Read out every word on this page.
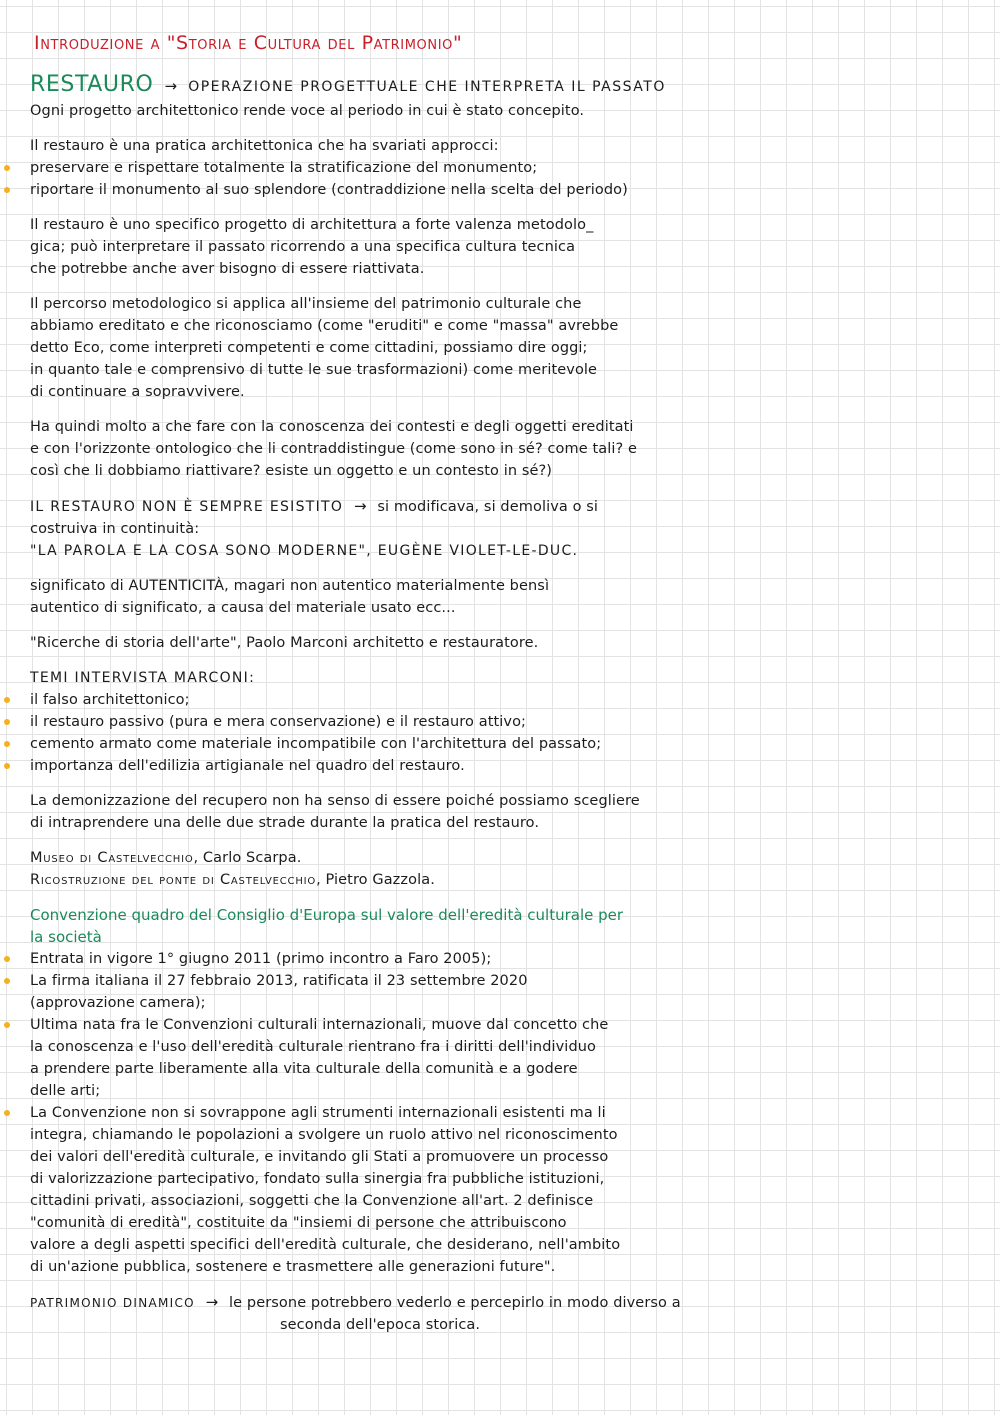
Introduzione a "Storia e Cultura del Patrimonio"
RESTAURO → OPERAZIONE PROGETTUALE CHE INTERPRETA IL PASSATO
Ogni progetto architettonico rende voce al periodo in cui è stato concepito.
Il restauro è una pratica architettonica che ha svariati approcci:
preservare e rispettare totalmente la stratificazione del monumento;
riportare il monumento al suo splendore (contraddizione nella scelta del periodo)
Il restauro è uno specifico progetto di architettura a forte valenza metodolo_
gica; può interpretare il passato ricorrendo a una specifica cultura tecnica
che potrebbe anche aver bisogno di essere riattivata.
Il percorso metodologico si applica all'insieme del patrimonio culturale che
abbiamo ereditato e che riconosciamo (come "eruditi" e come "massa" avrebbe
detto Eco, come interpreti competenti e come cittadini, possiamo dire oggi;
in quanto tale e comprensivo di tutte le sue trasformazioni) come meritevole
di continuare a sopravvivere.
Ha quindi molto a che fare con la conoscenza dei contesti e degli oggetti ereditati
e con l'orizzonte ontologico che li contraddistingue (come sono in sé? come tali? e
così che li dobbiamo riattivare? esiste un oggetto e un contesto in sé?)
IL RESTAURO NON È SEMPRE ESISTITO → si modificava, si demoliva o si
costruiva in continuità:
"LA PAROLA E LA COSA SONO MODERNE", EUGÈNE VIOLET-LE-DUC.
significato di AUTENTICITÀ, magari non autentico materialmente bensì
autentico di significato, a causa del materiale usato ecc...
"Ricerche di storia dell'arte", Paolo Marconi architetto e restauratore.
TEMI INTERVISTA MARCONI:
il falso architettonico;
il restauro passivo (pura e mera conservazione) e il restauro attivo;
cemento armato come materiale incompatibile con l'architettura del passato;
importanza dell'edilizia artigianale nel quadro del restauro.
La demonizzazione del recupero non ha senso di essere poiché possiamo scegliere
di intraprendere una delle due strade durante la pratica del restauro.
Museo di Castelvecchio, Carlo Scarpa.
Ricostruzione del ponte di Castelvecchio, Pietro Gazzola.
Convenzione quadro del Consiglio d'Europa sul valore dell'eredità culturale per
la società
Entrata in vigore 1° giugno 2011 (primo incontro a Faro 2005);
La firma italiana il 27 febbraio 2013, ratificata il 23 settembre 2020
(approvazione camera);
Ultima nata fra le Convenzioni culturali internazionali, muove dal concetto che
la conoscenza e l'uso dell'eredità culturale rientrano fra i diritti dell'individuo
a prendere parte liberamente alla vita culturale della comunità e a godere
delle arti;
La Convenzione non si sovrappone agli strumenti internazionali esistenti ma li
integra, chiamando le popolazioni a svolgere un ruolo attivo nel riconoscimento
dei valori dell'eredità culturale, e invitando gli Stati a promuovere un processo
di valorizzazione partecipativo, fondato sulla sinergia fra pubbliche istituzioni,
cittadini privati, associazioni, soggetti che la Convenzione all'art. 2 definisce
"comunità di eredità", costituite da "insiemi di persone che attribuiscono
valore a degli aspetti specifici dell'eredità culturale, che desiderano, nell'ambito
di un'azione pubblica, sostenere e trasmettere alle generazioni future".
PATRIMONIO DINAMICO → le persone potrebbero vederlo e percepirlo in modo diverso a
seconda dell'epoca storica.
